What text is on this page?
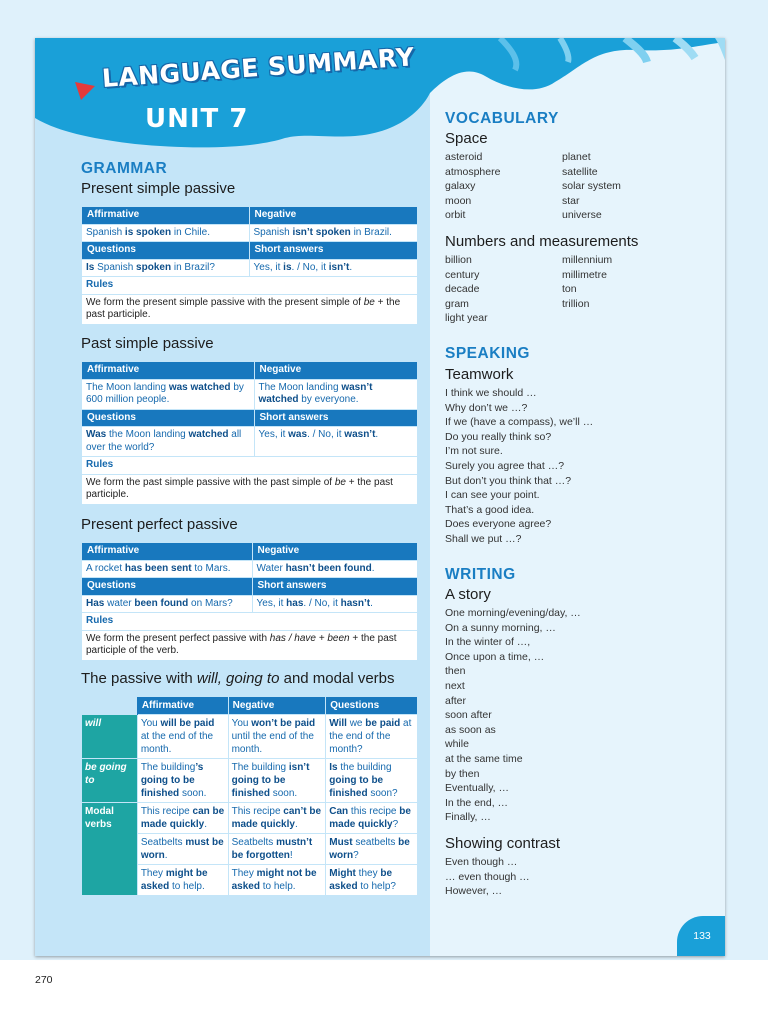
LANGUAGE SUMMARY
UNIT 7
GRAMMAR
Present simple passive
Affirmative	Negative
Spanish is spoken in Chile.	Spanish isn’t spoken in Brazil.
Questions	Short answers
Is Spanish spoken in Brazil?	Yes, it is. / No, it isn’t.
Rules	
We form the present simple passive with the present simple of be + the past participle.	
Past simple passive
Affirmative	Negative
The Moon landing was watched by 600 million people.	The Moon landing wasn’t watched by everyone.
Questions	Short answers
Was the Moon landing watched all over the world?	Yes, it was. / No, it wasn’t.
Rules	
We form the past simple passive with the past simple of be + the past participle.	
Present perfect passive
Affirmative	Negative
A rocket has been sent to Mars.	Water hasn’t been found.
Questions	Short answers
Has water been found on Mars?	Yes, it has. / No, it hasn’t.
Rules	
We form the present perfect passive with has / have + been + the past participle of the verb.	
The passive with will, going to and modal verbs
	Affirmative	Negative	Questions
will	You will be paid at the end of the month.	You won’t be paid until the end of the month.	Will we be paid at the end of the month?
be going to	The building’s going to be finished soon.	The building isn’t going to be finished soon.	Is the building going to be finished soon?
Modal verbs	This recipe can be made quickly.	This recipe can’t be made quickly.	Can this recipe be made quickly?
	Seatbelts must be worn.	Seatbelts mustn’t be forgotten!	Must seatbelts be worn?
	They might be asked to help.	They might not be asked to help.	Might they be asked to help?
VOCABULARY
Space
asteroid
atmosphere
galaxy
moon
orbit
planet
satellite
solar system
star
universe
Numbers and measurements
billion
century
decade
gram
light year
millennium
millimetre
ton
trillion
SPEAKING
Teamwork
I think we should …
Why don’t we …?
If we (have a compass), we’ll …
Do you really think so?
I’m not sure.
Surely you agree that …?
But don’t you think that …?
I can see your point.
That’s a good idea.
Does everyone agree?
Shall we put …?
WRITING
A story
One morning/evening/day, …
On a sunny morning, …
In the winter of …,
Once upon a time, …
then
next
after
soon after
as soon as
while
at the same time
by then
Eventually, …
In the end, …
Finally, …
Showing contrast
Even though …
… even though …
However, …
133
270
